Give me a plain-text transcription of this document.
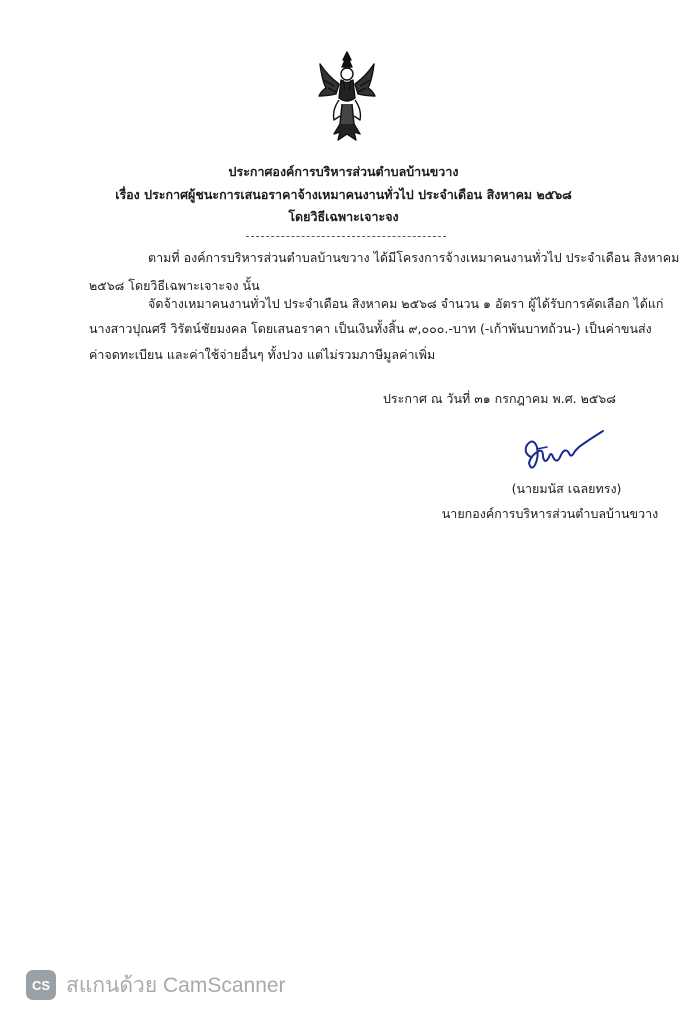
ประกาศองค์การบริหารส่วนตำบลบ้านขวาง
เรื่อง ประกาศผู้ชนะการเสนอราคาจ้างเหมาคนงานทั่วไป ประจำเดือน สิงหาคม ๒๕๖๘
โดยวิธีเฉพาะเจาะจง
ตามที่ องค์การบริหารส่วนตำบลบ้านขวาง ได้มีโครงการจ้างเหมาคนงานทั่วไป ประจำเดือน สิงหาคม
๒๕๖๘ โดยวิธีเฉพาะเจาะจง นั้น
จัดจ้างเหมาคนงานทั่วไป ประจำเดือน สิงหาคม ๒๕๖๘ จำนวน ๑ อัตรา ผู้ได้รับการคัดเลือก ได้แก่
นางสาวปุณศรี วิรัตน์ชัยมงคล โดยเสนอราคา เป็นเงินทั้งสิ้น ๙,๐๐๐.-บาท (-เก้าพันบาทถ้วน-) เป็นค่าขนส่ง
ค่าจดทะเบียน และค่าใช้จ่ายอื่นๆ ทั้งปวง แต่ไม่รวมภาษีมูลค่าเพิ่ม
ประกาศ ณ วันที่ ๓๑ กรกฎาคม พ.ศ. ๒๕๖๘
(นายมนัส เฉลยทรง)
นายกองค์การบริหารส่วนตำบลบ้านขวาง
CS สแกนด้วย CamScanner
